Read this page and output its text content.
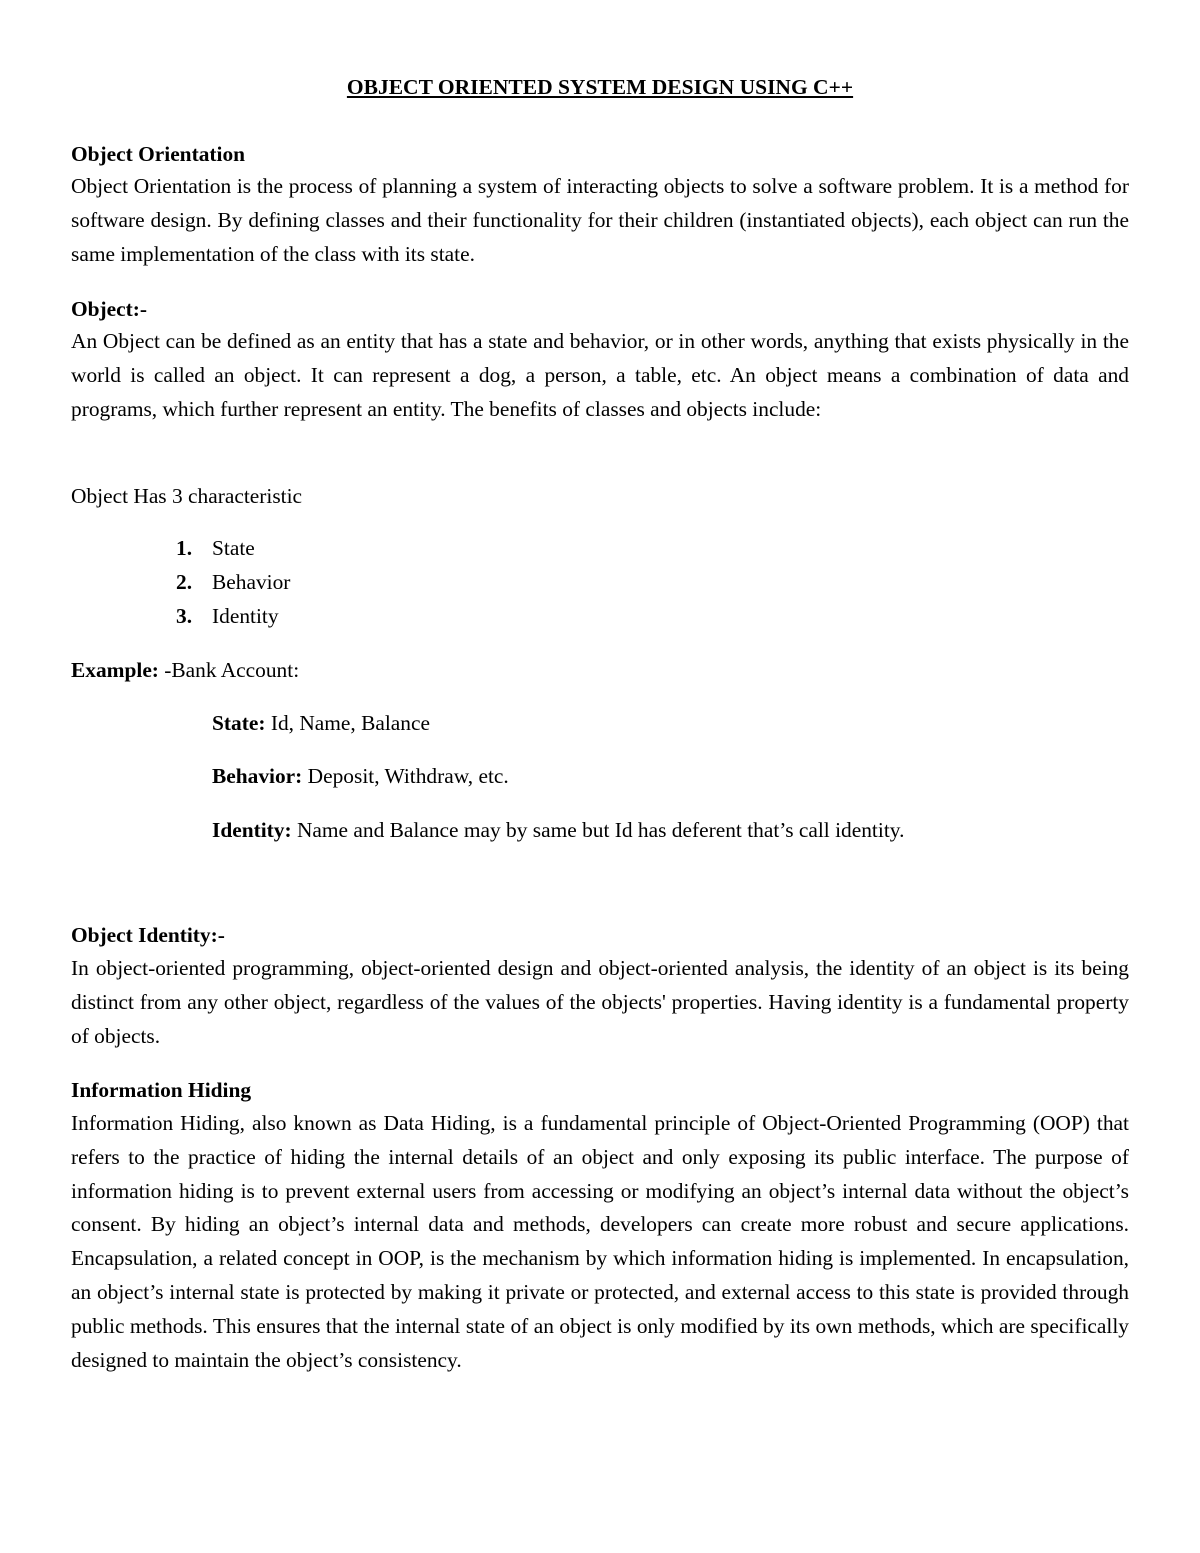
OBJECT ORIENTED SYSTEM DESIGN USING C++
Object Orientation

Object Orientation is the process of planning a system of interacting objects to solve a software problem. It is a method for software design. By defining classes and their functionality for their children (instantiated objects), each object can run the same implementation of the class with its state.

Object:-

An Object can be defined as an entity that has a state and behavior, or in other words, anything that exists physically in the world is called an object. It can represent a dog, a person, a table, etc. An object means a combination of data and programs, which further represent an entity. The benefits of classes and objects include:

Object Has 3 characteristic
1. State
2. Behavior
3. Identity
Example: -Bank Account:
State: Id, Name, Balance
Behavior: Deposit, Withdraw, etc.
Identity: Name and Balance may by same but Id has deferent that’s call identity.
Object Identity:-

In object-oriented programming, object-oriented design and object-oriented analysis, the identity of an object is its being distinct from any other object, regardless of the values of the objects' properties. Having identity is a fundamental property of objects.

Information Hiding

Information Hiding, also known as Data Hiding, is a fundamental principle of Object-Oriented Programming (OOP) that refers to the practice of hiding the internal details of an object and only exposing its public interface. The purpose of information hiding is to prevent external users from accessing or modifying an object’s internal data without the object’s consent. By hiding an object’s internal data and methods, developers can create more robust and secure applications. Encapsulation, a related concept in OOP, is the mechanism by which information hiding is implemented. In encapsulation, an object’s internal state is protected by making it private or protected, and external access to this state is provided through public methods. This ensures that the internal state of an object is only modified by its own methods, which are specifically designed to maintain the object’s consistency.
